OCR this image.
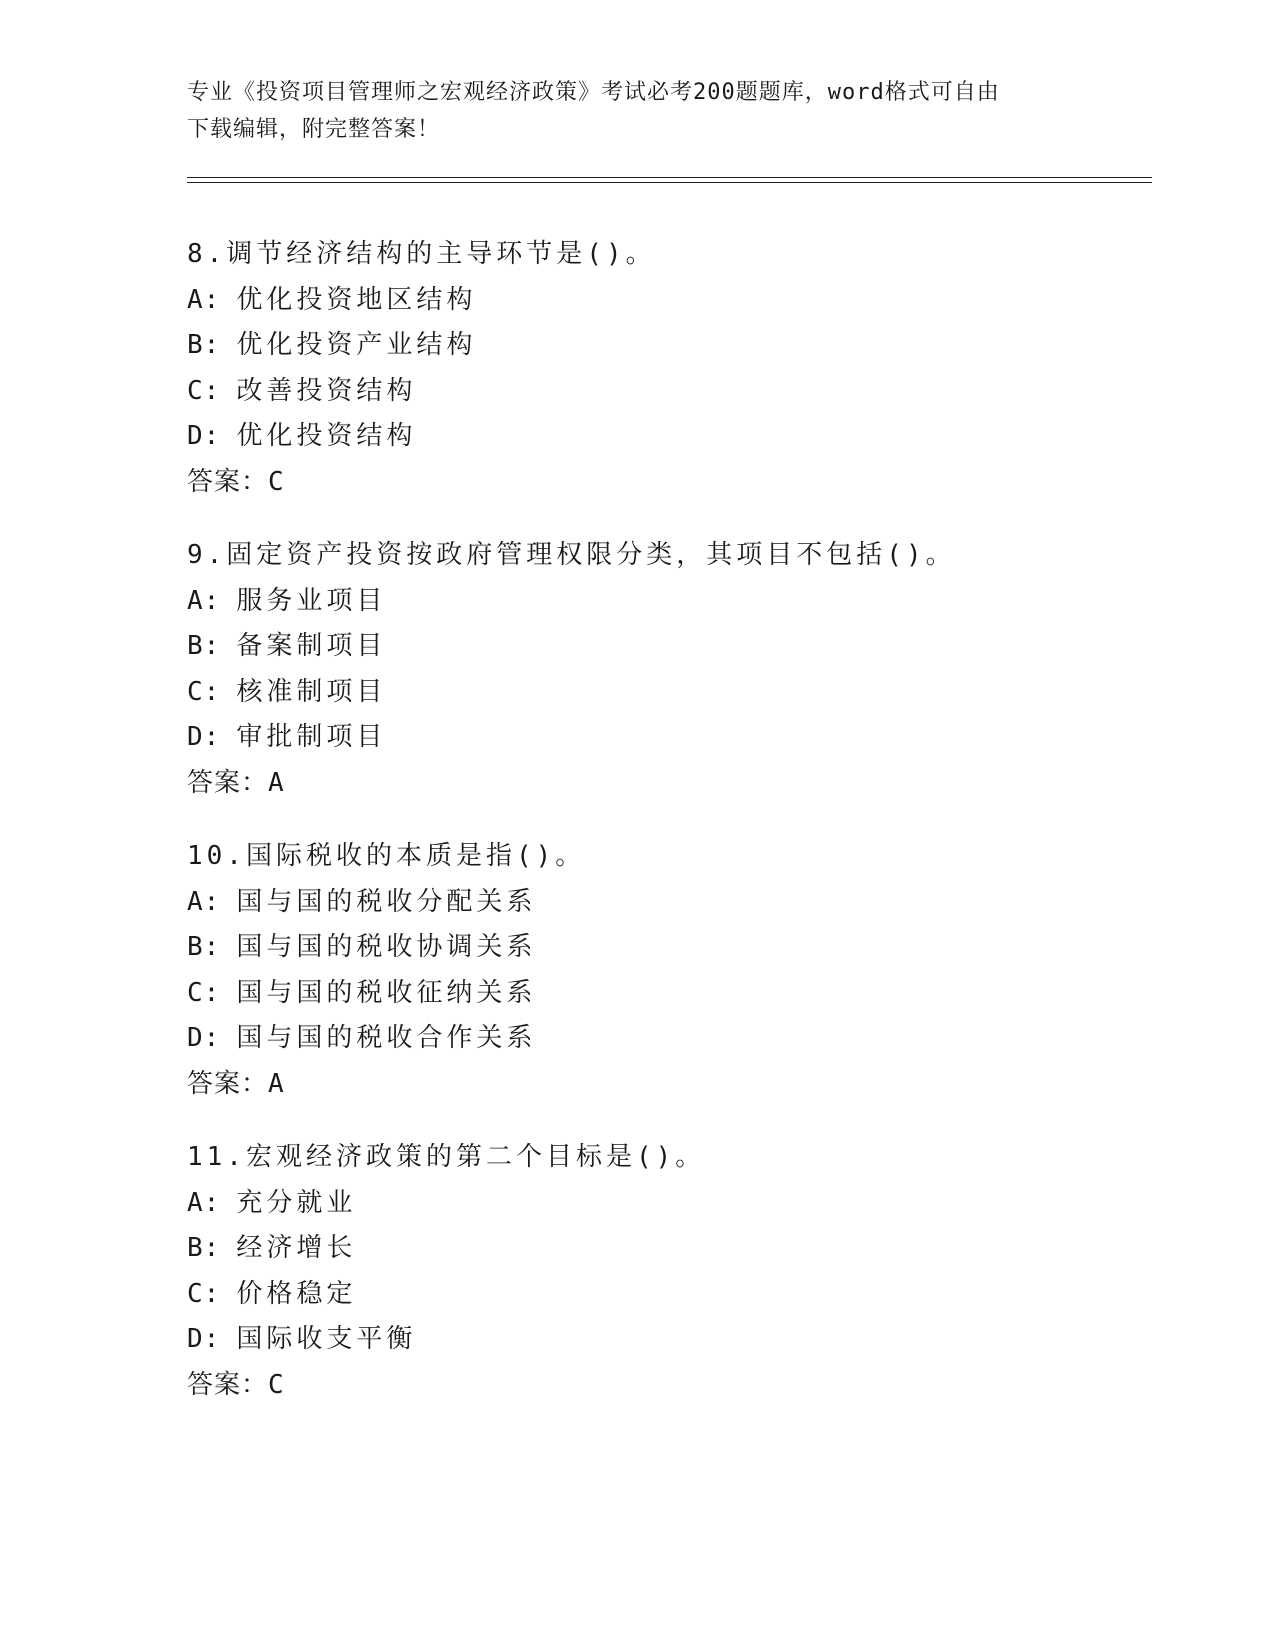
专业《投资项目管理师之宏观经济政策》考试必考200题题库，word格式可自由

下载编辑，附完整答案！

8.调节经济结构的主导环节是()。
A: 优化投资地区结构
B: 优化投资产业结构
C: 改善投资结构
D: 优化投资结构
答案：C
9.固定资产投资按政府管理权限分类，其项目不包括()。
A: 服务业项目
B: 备案制项目
C: 核准制项目
D: 审批制项目
答案：A
10.国际税收的本质是指()。
A: 国与国的税收分配关系
B: 国与国的税收协调关系
C: 国与国的税收征纳关系
D: 国与国的税收合作关系
答案：A
11.宏观经济政策的第二个目标是()。
A: 充分就业
B: 经济增长
C: 价格稳定
D: 国际收支平衡
答案：C
